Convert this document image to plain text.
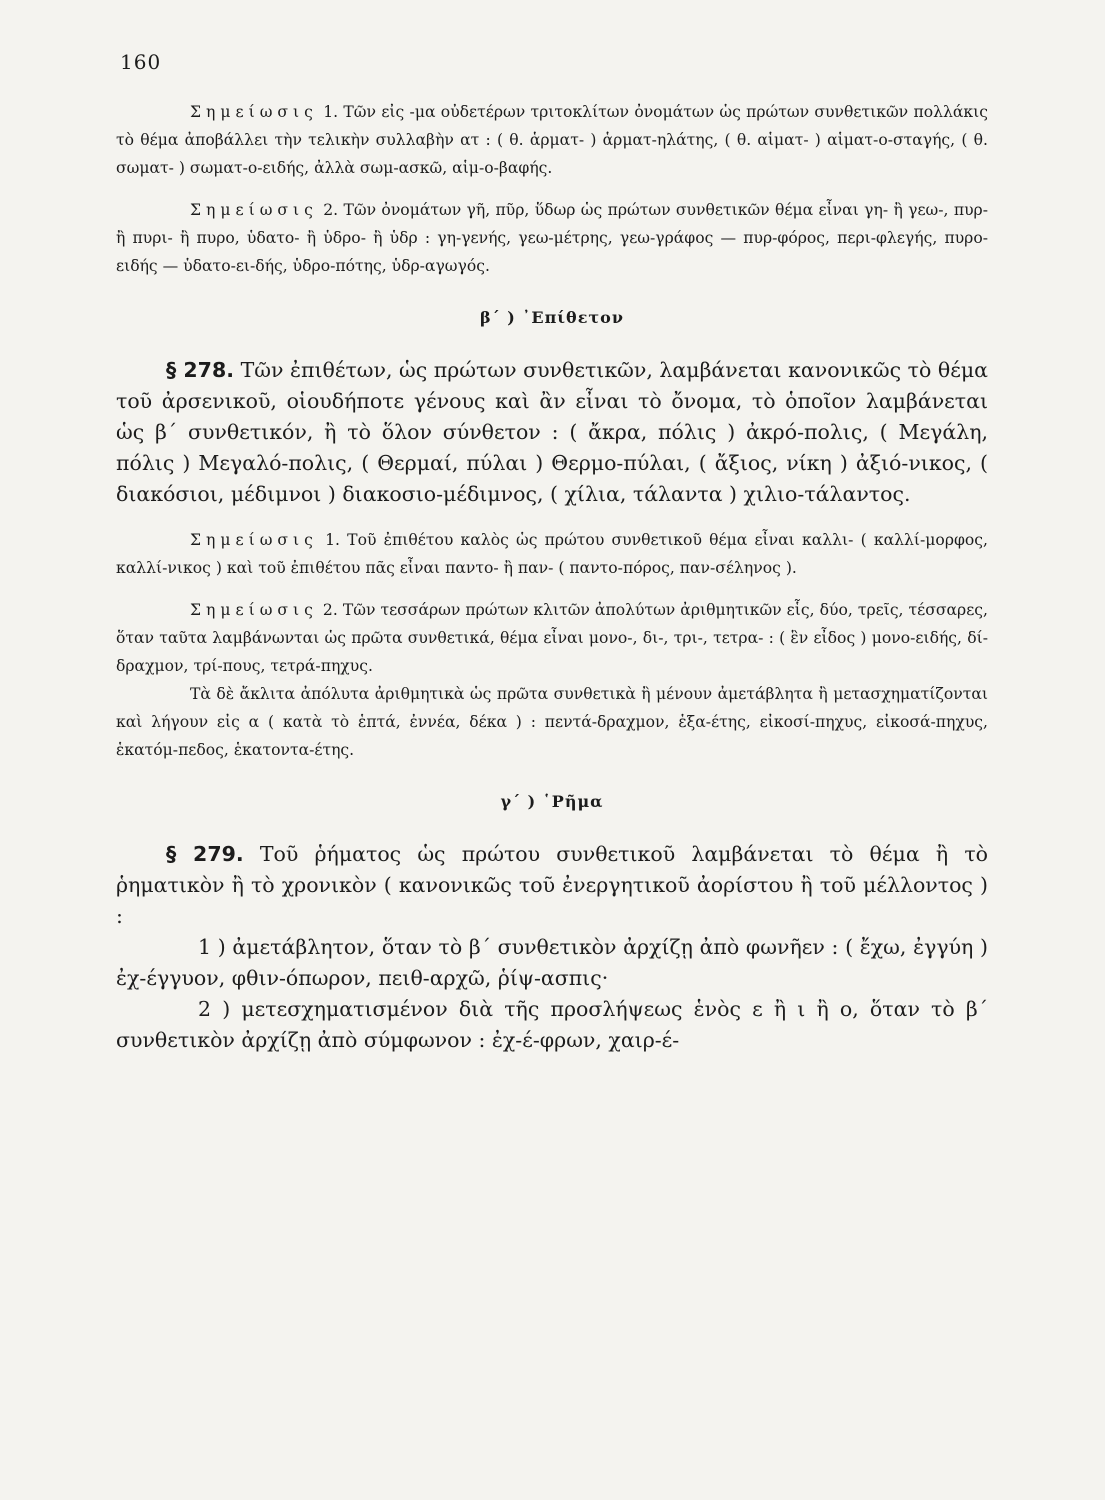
160

Σημείωσις 1. Τῶν εἰς -μα οὐδετέρων τριτοκλίτων ὀνομάτων ὡς πρώτων συνθετικῶν πολλάκις τὸ θέμα ἀποβάλλει τὴν τελικὴν συλλαβὴν ατ : ( θ. ἁρματ- ) ἁρματ-ηλάτης, ( θ. αἱματ- ) αἱματ-ο-σταγής, ( θ. σωματ- ) σωματ-ο-ειδής, ἀλλὰ σωμ-ασκῶ, αἱμ-ο-βαφής.

Σημείωσις 2. Τῶν ὀνομάτων γῆ, πῦρ, ὕδωρ ὡς πρώτων συνθετικῶν θέμα εἶναι γη- ἢ γεω-, πυρ- ἢ πυρι- ἢ πυρο, ὑδατο- ἢ ὑδρο- ἢ ὑδρ : γη-γενής, γεω-μέτρης, γεω-γράφος — πυρ-φόρος, περι-φλεγής, πυρο-ειδής — ὑδατο-ει-δής, ὑδρο-πότης, ὑδρ-αγωγός.

β΄ ) ᾿Επίθετον

§ 278. Τῶν ἐπιθέτων, ὡς πρώτων συνθετικῶν, λαμβάνεται κανονικῶς τὸ θέμα τοῦ ἀρσενικοῦ, οἱουδήποτε γένους καὶ ἂν εἶναι τὸ ὄνομα, τὸ ὁποῖον λαμβάνεται ὡς β΄ συνθετικόν, ἢ τὸ ὅλον σύνθετον : ( ἄκρα, πόλις ) ἀκρό-πολις, ( Μεγάλη, πόλις ) Μεγαλό-πολις, ( Θερμαί, πύλαι ) Θερμο-πύλαι, ( ἄξιος, νίκη ) ἀξιό-νικος, ( διακόσιοι, μέδιμνοι ) διακοσιο-μέδιμνος, ( χίλια, τάλαντα ) χιλιο-τάλαντος.

Σημείωσις 1. Τοῦ ἐπιθέτου καλὸς ὡς πρώτου συνθετικοῦ θέμα εἶναι καλλι- ( καλλί-μορφος, καλλί-νικος ) καὶ τοῦ ἐπιθέτου πᾶς εἶναι παντο- ἢ παν- ( παντο-πόρος, παν-σέληνος ).

Σημείωσις 2. Τῶν τεσσάρων πρώτων κλιτῶν ἀπολύτων ἀριθμητικῶν εἷς, δύο, τρεῖς, τέσσαρες, ὅταν ταῦτα λαμβάνωνται ὡς πρῶτα συνθετικά, θέμα εἶναι μονο-, δι-, τρι-, τετρα- : ( ἓν εἶδος ) μονο-ειδής, δί-δραχμον, τρί-πους, τετρά-πηχυς.

Τὰ δὲ ἄκλιτα ἀπόλυτα ἀριθμητικὰ ὡς πρῶτα συνθετικὰ ἢ μένουν ἀμετάβλητα ἢ μετασχηματίζονται καὶ λήγουν εἰς α ( κατὰ τὸ ἑπτά, ἐννέα, δέκα ) : πεντά-δραχμον, ἑξα-έτης, εἰκοσί-πηχυς, εἰκοσά-πηχυς, ἑκατόμ-πεδος, ἑκατοντα-έτης.

γ΄ ) ῾Ρῆμα

§ 279. Τοῦ ῥήματος ὡς πρώτου συνθετικοῦ λαμβάνεται τὸ θέμα ἢ τὸ ῥηματικὸν ἢ τὸ χρονικὸν ( κανονικῶς τοῦ ἐνεργητικοῦ ἀορίστου ἢ τοῦ μέλλοντος ) :

1 ) ἀμετάβλητον, ὅταν τὸ β΄ συνθετικὸν ἀρχίζῃ ἀπὸ φωνῆεν : ( ἔχω, ἐγγύη ) ἐχ-έγγυον, φθιν-όπωρον, πειθ-αρχῶ, ῥίψ-ασπις·

2 ) μετεσχηματισμένον διὰ τῆς προσλήψεως ἑνὸς ε ἢ ι ἢ ο, ὅταν τὸ β΄ συνθετικὸν ἀρχίζῃ ἀπὸ σύμφωνον : ἐχ-έ-φρων, χαιρ-έ-
